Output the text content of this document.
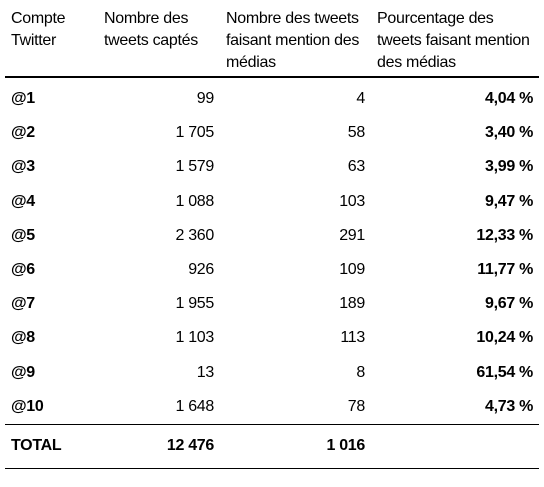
Compte Twitter	Nombre des tweets captés	Nombre des tweets faisant mention des médias	Pourcentage des tweets faisant mention des médias
@1	99	4	4,04 %
@2	1 705	58	3,40 %
@3	1 579	63	3,99 %
@4	1 088	103	9,47 %
@5	2 360	291	12,33 %
@6	926	109	11,77 %
@7	1 955	189	9,67 %
@8	1 103	113	10,24 %
@9	13	8	61,54 %
@10	1 648	78	4,73 %
TOTAL	12 476	1 016	
